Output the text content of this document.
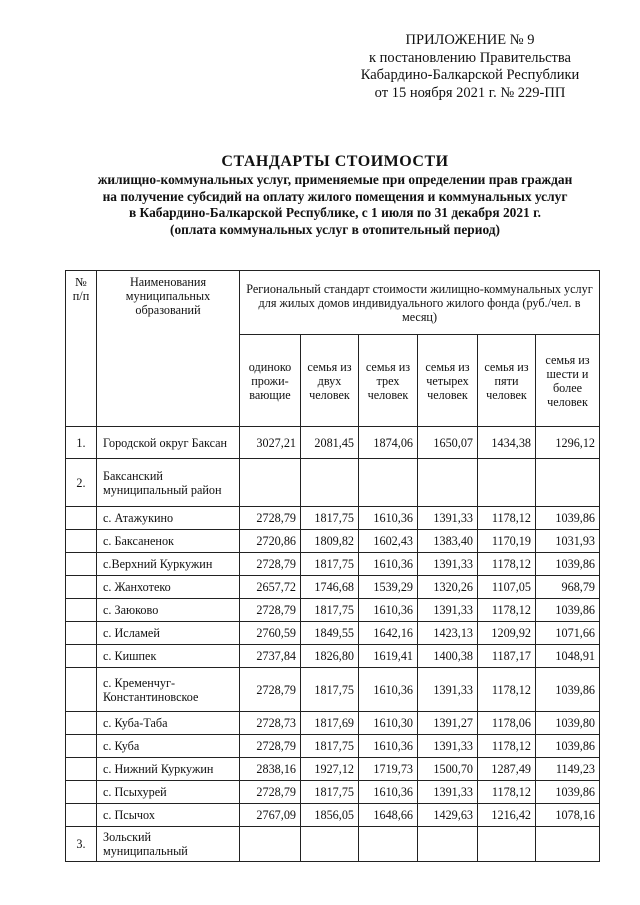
ПРИЛОЖЕНИЕ № 9
к постановлению Правительства
Кабардино-Балкарской Республики
от 15 ноября 2021 г. № 229-ПП
СТАНДАРТЫ СТОИМОСТИ
жилищно-коммунальных услуг, применяемые при определении прав граждан
на получение субсидий на оплату жилого помещения и коммунальных услуг
в Кабардино-Балкарской Республике, с 1 июля по 31 декабря 2021 г.
(оплата коммунальных услуг в отопительный период)
№ п/п	Наименования муниципальных образований	Региональный стандарт стоимости жилищно-коммунальных услуг для жилых домов индивидуального жилого фонда (руб./чел. в месяц)					
		одиноко прожи-вающие	семья из двух человек	семья из трех человек	семья из четырех человек	семья из пяти человек	семья из шести и более человек
1.	Городской округ Баксан	3027,21	2081,45	1874,06	1650,07	1434,38	1296,12
2.	Баксанский муниципальный район						
	с. Атажукино	2728,79	1817,75	1610,36	1391,33	1178,12	1039,86
	с. Баксаненок	2720,86	1809,82	1602,43	1383,40	1170,19	1031,93
	с.Верхний Куркужин	2728,79	1817,75	1610,36	1391,33	1178,12	1039,86
	с. Жанхотеко	2657,72	1746,68	1539,29	1320,26	1107,05	968,79
	с. Заюково	2728,79	1817,75	1610,36	1391,33	1178,12	1039,86
	с. Исламей	2760,59	1849,55	1642,16	1423,13	1209,92	1071,66
	с. Кишпек	2737,84	1826,80	1619,41	1400,38	1187,17	1048,91
	с. Кременчуг-Константиновское	2728,79	1817,75	1610,36	1391,33	1178,12	1039,86
	с. Куба-Таба	2728,73	1817,69	1610,30	1391,27	1178,06	1039,80
	с. Куба	2728,79	1817,75	1610,36	1391,33	1178,12	1039,86
	с. Нижний Куркужин	2838,16	1927,12	1719,73	1500,70	1287,49	1149,23
	с. Псыхурей	2728,79	1817,75	1610,36	1391,33	1178,12	1039,86
	с. Псычох	2767,09	1856,05	1648,66	1429,63	1216,42	1078,16
3.	Зольский муниципальный						
